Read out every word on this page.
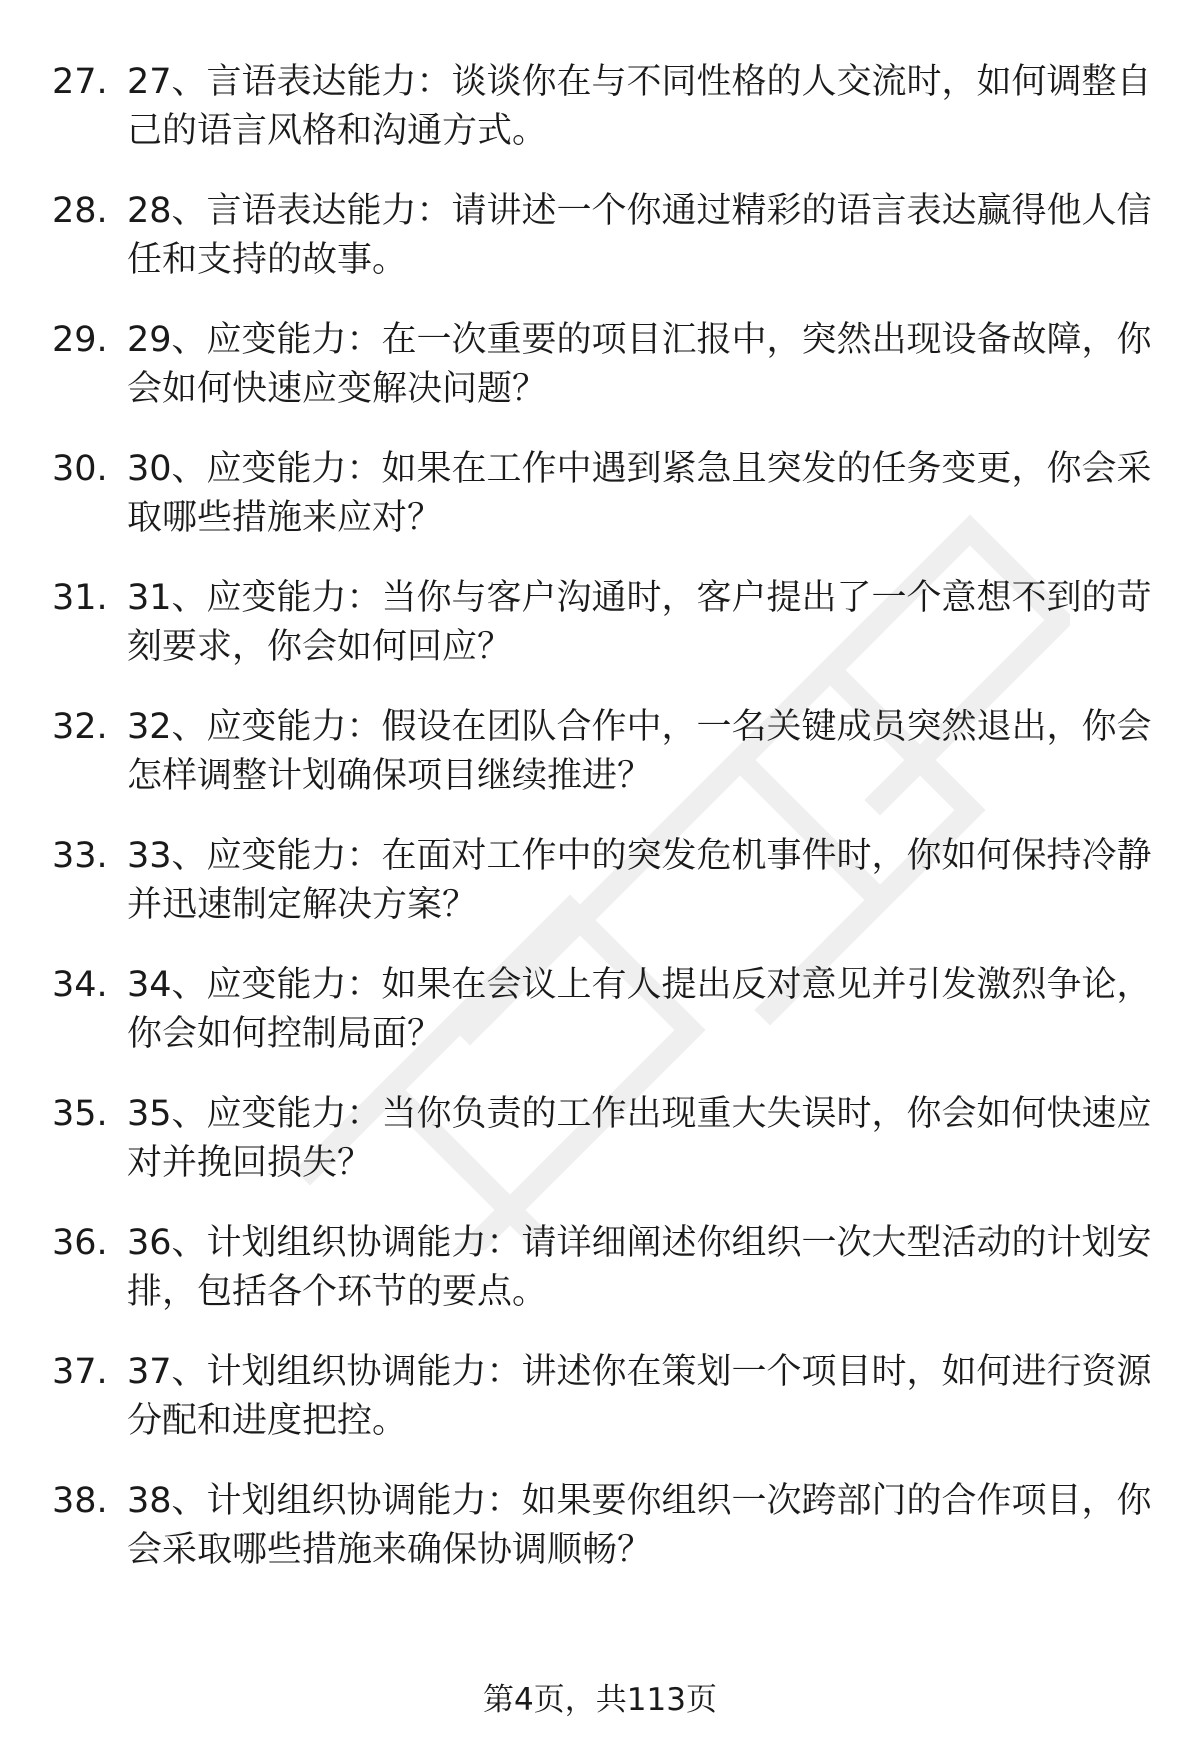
27. 27、言语表达能力：谈谈你在与不同性格的人交流时，如何调整自己的语言风格和沟通方式。
28. 28、言语表达能力：请讲述一个你通过精彩的语言表达赢得他人信任和支持的故事。
29. 29、应变能力：在一次重要的项目汇报中，突然出现设备故障，你会如何快速应变解决问题？
30. 30、应变能力：如果在工作中遇到紧急且突发的任务变更，你会采取哪些措施来应对？
31. 31、应变能力：当你与客户沟通时，客户提出了一个意想不到的苛刻要求，你会如何回应？
32. 32、应变能力：假设在团队合作中，一名关键成员突然退出，你会怎样调整计划确保项目继续推进？
33. 33、应变能力：在面对工作中的突发危机事件时，你如何保持冷静并迅速制定解决方案？
34. 34、应变能力：如果在会议上有人提出反对意见并引发激烈争论，你会如何控制局面？
35. 35、应变能力：当你负责的工作出现重大失误时，你会如何快速应对并挽回损失？
36. 36、计划组织协调能力：请详细阐述你组织一次大型活动的计划安排，包括各个环节的要点。
37. 37、计划组织协调能力：讲述你在策划一个项目时，如何进行资源分配和进度把控。
38. 38、计划组织协调能力：如果要你组织一次跨部门的合作项目，你会采取哪些措施来确保协调顺畅？
第4页，共113页
